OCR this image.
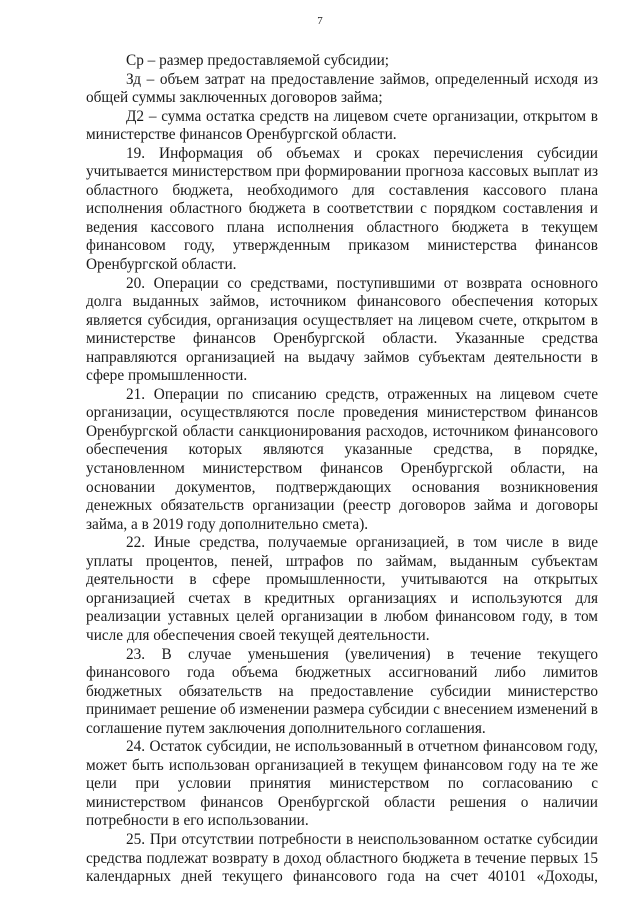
7

Ср – размер предоставляемой субсидии;

Зд – объем затрат на предоставление займов, определенный исходя из общей суммы заключенных договоров займа;

Д2 – сумма остатка средств на лицевом счете организации, открытом в министерстве финансов Оренбургской области.

19. Информация об объемах и сроках перечисления субсидии учитывается министерством при формировании прогноза кассовых выплат из областного бюджета, необходимого для составления кассового плана исполнения областного бюджета в соответствии с порядком составления и ведения кассового плана исполнения областного бюджета в текущем финансовом году, утвержденным приказом министерства финансов Оренбургской области.

20. Операции со средствами, поступившими от возврата основного долга выданных займов, источником финансового обеспечения которых является субсидия, организация осуществляет на лицевом счете, открытом в министерстве финансов Оренбургской области. Указанные средства направляются организацией на выдачу займов субъектам деятельности в сфере промышленности.

21. Операции по списанию средств, отраженных на лицевом счете организации, осуществляются после проведения министерством финансов Оренбургской области санкционирования расходов, источником финансового обеспечения которых являются указанные средства, в порядке, установленном министерством финансов Оренбургской области, на основании документов, подтверждающих основания возникновения денежных обязательств организации (реестр договоров займа и договоры займа, а в 2019 году дополнительно смета).

22. Иные средства, получаемые организацией, в том числе в виде уплаты процентов, пеней, штрафов по займам, выданным субъектам деятельности в сфере промышленности, учитываются на открытых организацией счетах в кредитных организациях и используются для реализации уставных целей организации в любом финансовом году, в том числе для обеспечения своей текущей деятельности.

23. В случае уменьшения (увеличения) в течение текущего финансового года объема бюджетных ассигнований либо лимитов бюджетных обязательств на предоставление субсидии министерство принимает решение об изменении размера субсидии с внесением изменений в соглашение путем заключения дополнительного соглашения.

24. Остаток субсидии, не использованный в отчетном финансовом году, может быть использован организацией в текущем финансовом году на те же цели при условии принятия министерством по согласованию с министерством финансов Оренбургской области решения о наличии потребности в его использовании.

25. При отсутствии потребности в неиспользованном остатке субсидии средства подлежат возврату в доход областного бюджета в течение первых 15 календарных дней текущего финансового года на счет 40101 «Доходы,
